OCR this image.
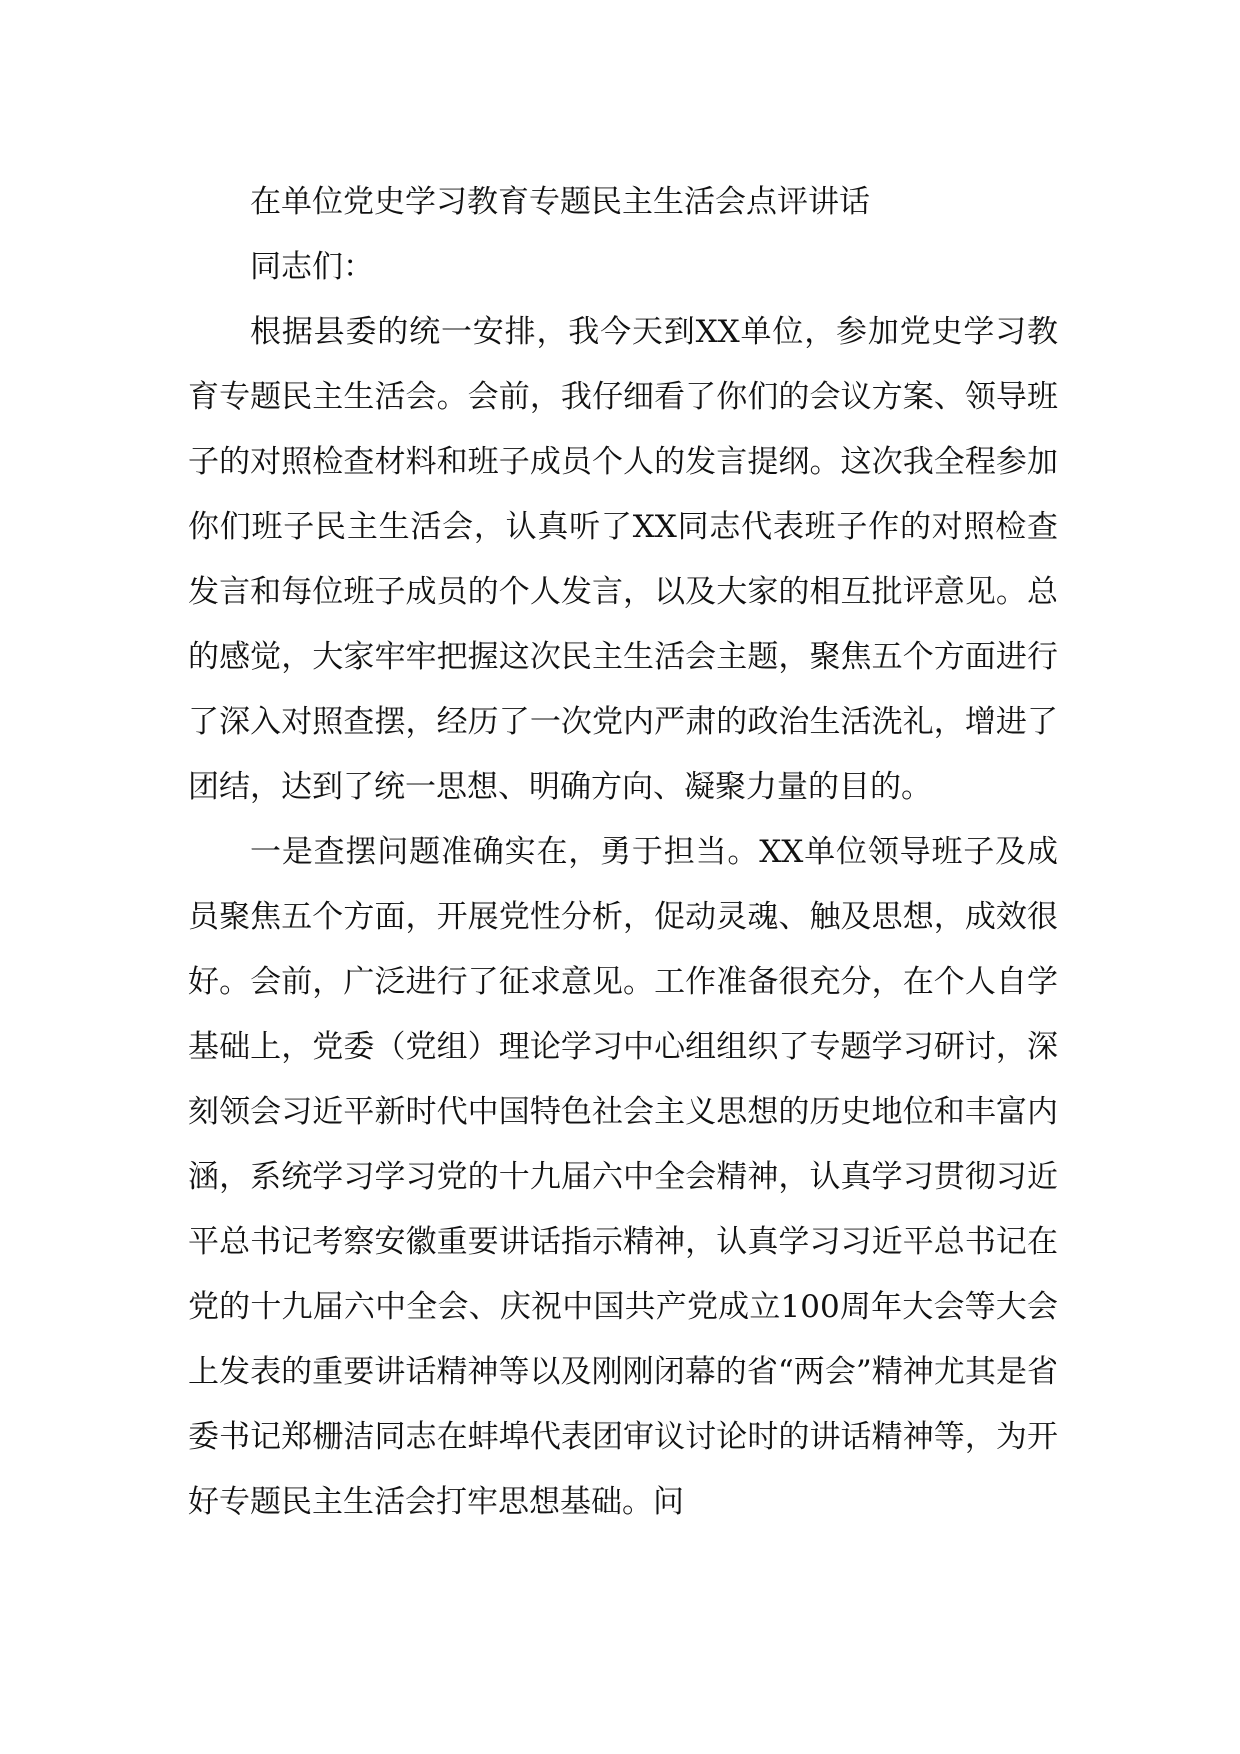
在单位党史学习教育专题民主生活会点评讲话

同志们：

根据县委的统一安排，我今天到XX单位，参加党史学习教育专题民主生活会。会前，我仔细看了你们的会议方案、领导班子的对照检查材料和班子成员个人的发言提纲。这次我全程参加你们班子民主生活会，认真听了XX同志代表班子作的对照检查发言和每位班子成员的个人发言，以及大家的相互批评意见。总的感觉，大家牢牢把握这次民主生活会主题，聚焦五个方面进行了深入对照查摆，经历了一次党内严肃的政治生活洗礼，增进了团结，达到了统一思想、明确方向、凝聚力量的目的。

一是查摆问题准确实在，勇于担当。XX单位领导班子及成员聚焦五个方面，开展党性分析，促动灵魂、触及思想，成效很好。会前，广泛进行了征求意见。工作准备很充分，在个人自学基础上，党委（党组）理论学习中心组组织了专题学习研讨，深刻领会习近平新时代中国特色社会主义思想的历史地位和丰富内涵，系统学习学习党的十九届六中全会精神，认真学习贯彻习近平总书记考察安徽重要讲话指示精神，认真学习习近平总书记在党的十九届六中全会、庆祝中国共产党成立100周年大会等大会上发表的重要讲话精神等以及刚刚闭幕的省“两会”精神尤其是省委书记郑栅洁同志在蚌埠代表团审议讨论时的讲话精神等，为开好专题民主生活会打牢思想基础。问
